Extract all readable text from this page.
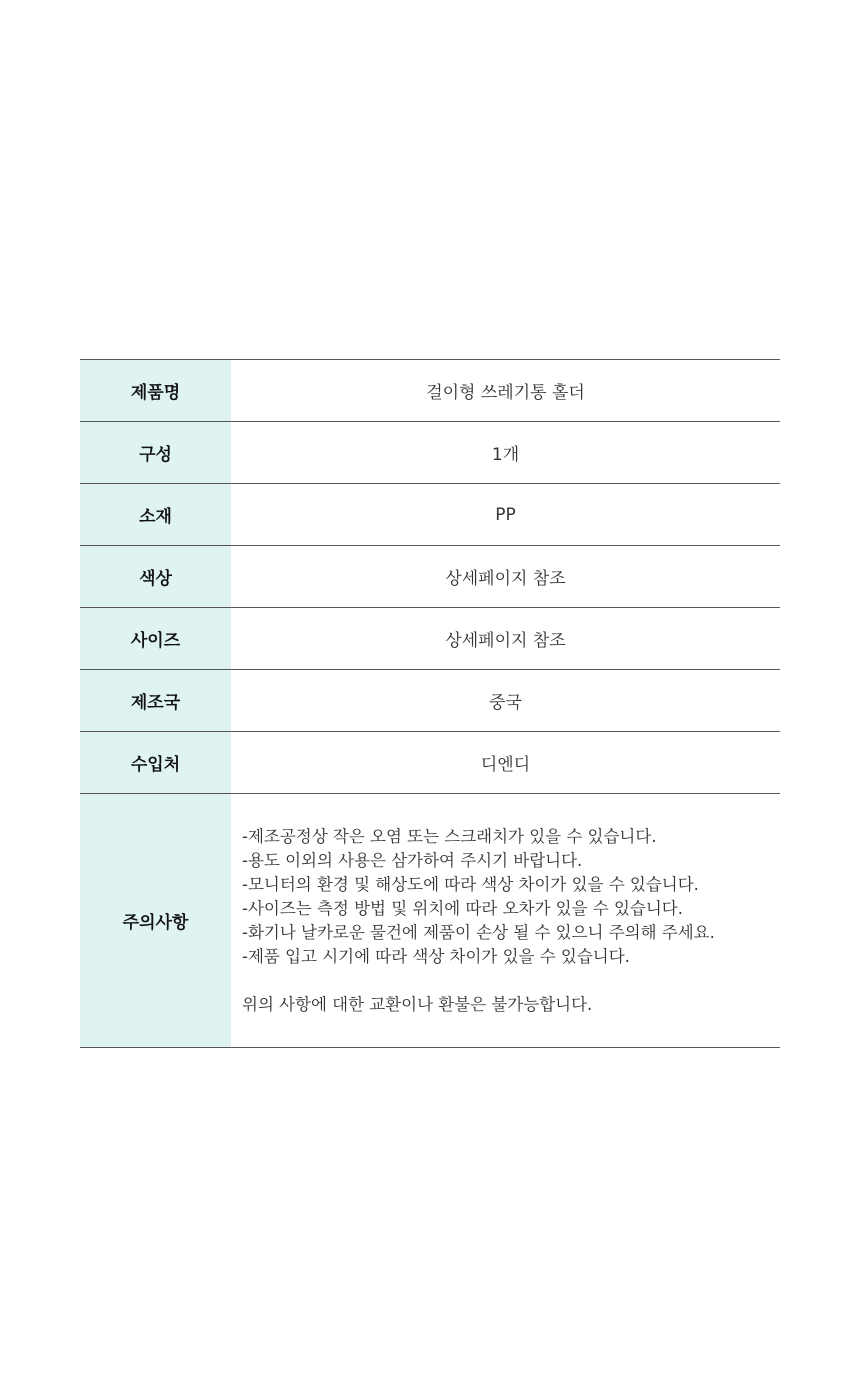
제품명	걸이형 쓰레기통 홀더
구성	1개
소재	PP
색상	상세페이지 참조
사이즈	상세페이지 참조
제조국	중국
수입처	디엔디
주의사항
-제조공정상 작은 오염 또는 스크래치가 있을 수 있습니다.
-용도 이외의 사용은 삼가하여 주시기 바랍니다.
-모니터의 환경 및 해상도에 따라 색상 차이가 있을 수 있습니다.
-사이즈는 측정 방법 및 위치에 따라 오차가 있을 수 있습니다.
-화기나 날카로운 물건에 제품이 손상 될 수 있으니 주의해 주세요.
-제품 입고 시기에 따라 색상 차이가 있을 수 있습니다.
위의 사항에 대한 교환이나 환불은 불가능합니다.
